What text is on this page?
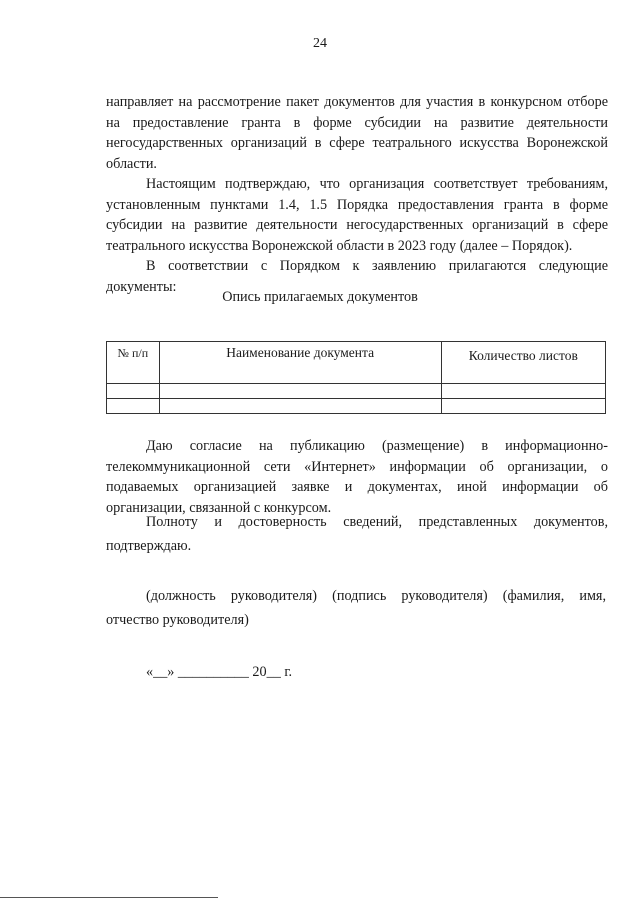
24

направляет на рассмотрение пакет документов для участия в конкурсном отборе на предоставление гранта в форме субсидии на развитие деятельности негосударственных организаций в сфере театрального искусства Воронежской области.

Настоящим подтверждаю, что организация соответствует требованиям, установленным пунктами 1.4, 1.5 Порядка предоставления гранта в форме субсидии на развитие деятельности негосударственных организаций в сфере театрального искусства Воронежской области в 2023 году (далее – Порядок).

В соответствии с Порядком к заявлению прилагаются следующие документы:

Опись прилагаемых документов
№ п/п	Наименование документа	Количество листов

Даю согласие на публикацию (размещение) в информационно-телекоммуникационной сети «Интернет» информации об организации, о подаваемых организацией заявке и документах, иной информации об организации, связанной с конкурсом.

Полноту и достоверность сведений, представленных документов, подтверждаю.

(должность руководителя) (подпись руководителя) (фамилия, имя,
отчество руководителя)
«__» __________ 20__ г.
